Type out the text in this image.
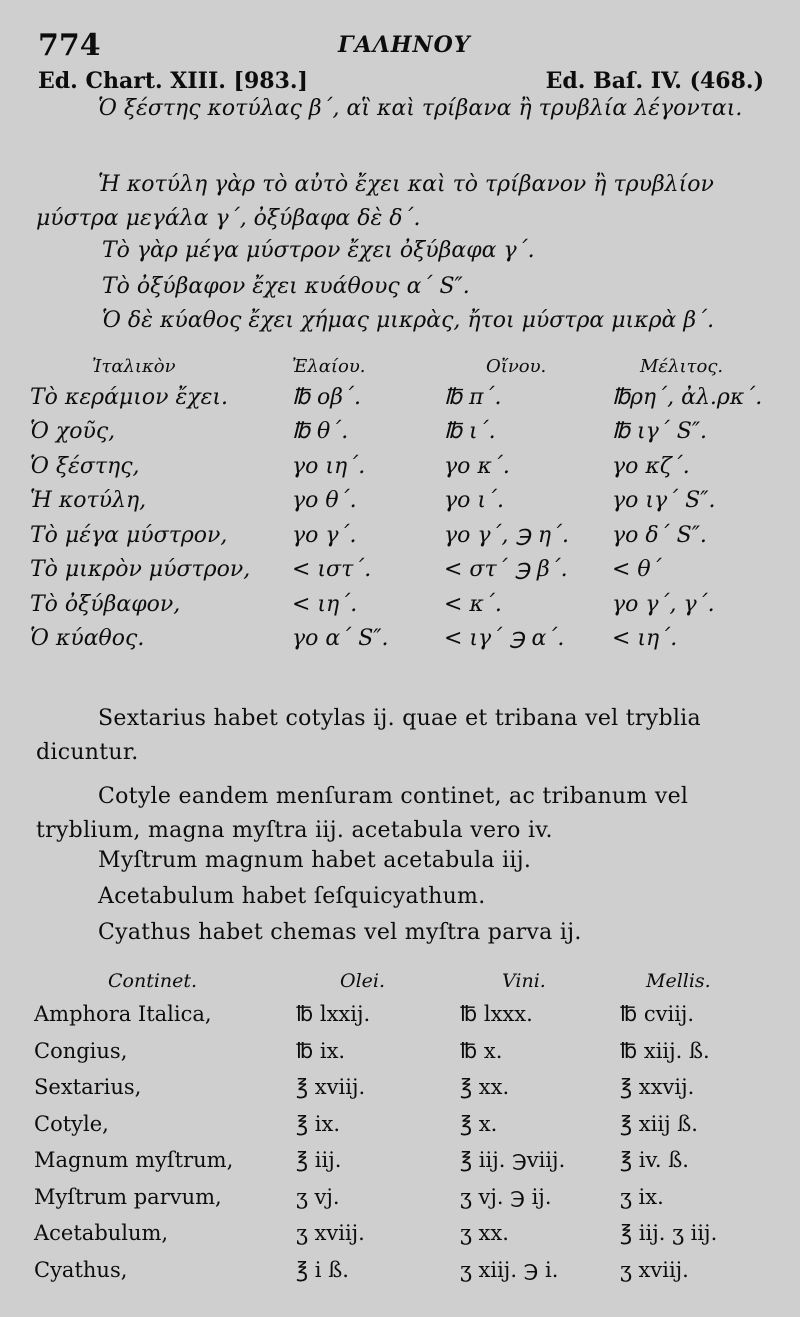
774	ΓΑΛΗΝΟΥ
Ed. Chart. XIII. [983.]	Ed. Baſ. IV. (468.)
Ὁ ξέστης κοτύλας β΄, αἳ καὶ τρίβανα ἢ τρυβλία λέγονται.
Ἡ κοτύλη γὰρ τὸ αὐτὸ ἔχει καὶ τὸ τρίβανον ἢ τρυβλίον μύστρα μεγάλα γ΄, ὀξύβαφα δὲ δ΄.
Τὸ γὰρ μέγα μύστρον ἔχει ὀξύβαφα γ΄.
Τὸ ὀξύβαφον ἔχει κυάθους α΄ S″.
Ὁ δὲ κύαθος ἔχει χήμας μικρὰς, ἤτοι μύστρα μικρὰ β΄.
Ἰταλικὸν	Ἐλαίου.	Οἴνου.	Μέλιτος.
Τὸ κεράμιον ἔχει.	℔ οβ΄.	℔ π΄.	℔ρη΄, ἀλ.ρκ΄.
Ὁ χοῦς,	℔ θ΄.	℔ ι΄.	℔ ιγ΄ S″.
Ὁ ξέστης,	γο ιη΄.	γο κ΄.	γο κζ΄.
Ἡ κοτύλη,	γο θ΄.	γο ι΄.	γο ιγ΄ S″.
Τὸ μέγα μύστρον,	γο γ΄.	γο γ΄, ℈ η΄.	γο δ΄ S″.
Τὸ μικρὸν μύστρον,	< ιστ΄.	< στ΄ ℈ β΄.	< θ΄
Τὸ ὀξύβαφον,	< ιη΄.	< κ΄.	γο γ΄, γ΄.
Ὁ κύαθος.	γο α΄ S″.	< ιγ΄ ℈ α΄.	< ιη΄.
Sextarius habet cotylas ij. quae et tribana vel trybliа dicuntur.
Cotyle eandem menſuram continet, ac tribanum vel tryblium, magna myſtra iij. acetabula vero iv.
Myſtrum magnum habet acetabula iij.
Acetabulum habet ſeſquicyathum.
Cyathus habet chemas vel myſtra parva ij.
Continet.	Olei.	Vini.	Mellis.
Amphora Italica,	℔ lxxij.	℔ lxxx.	℔ cviij.
Congius,	℔ ix.	℔ x.	℔ xiij. ß.
Sextarius,	℥ xviij.	℥ xx.	℥ xxvij.
Cotyle,	℥ ix.	℥ x.	℥ xiij ß.
Magnum myſtrum,	℥ iij.	℥ iij. ℈viij.	℥ iv. ß.
Myſtrum parvum,	ʒ vj.	ʒ vj. ℈ ij.	ʒ ix.
Acetabulum,	ʒ xviij.	ʒ xx.	℥ iij. ʒ iij.
Cyathus,	℥ i ß.	ʒ xiij. ℈ i.	ʒ xviij.
